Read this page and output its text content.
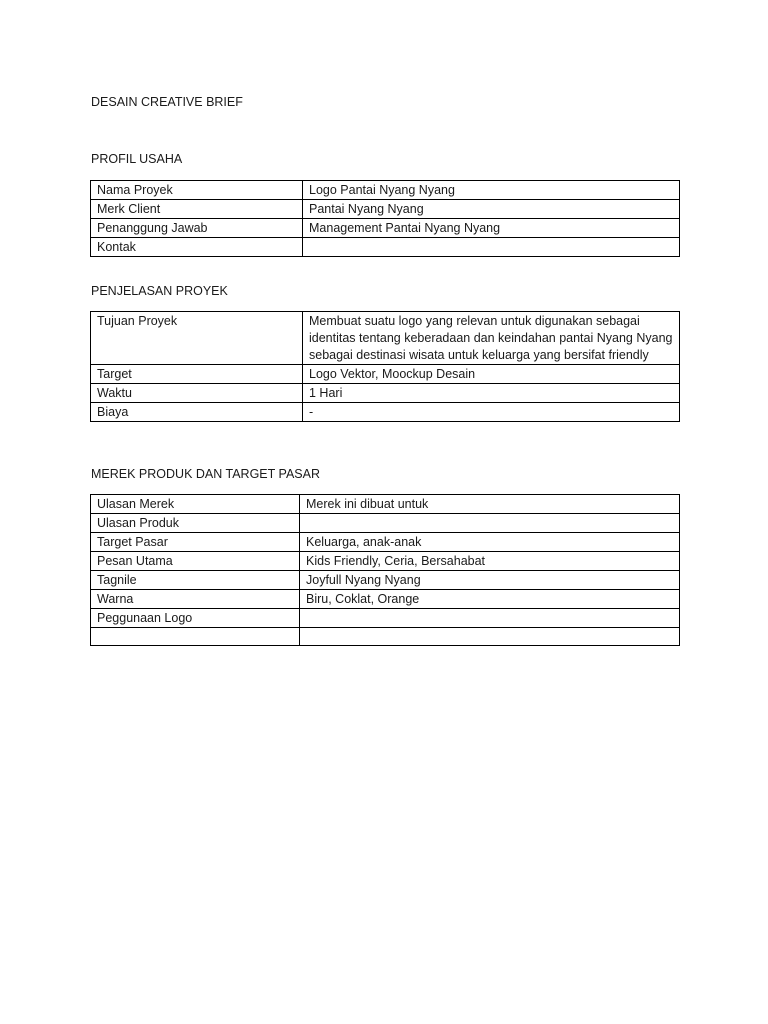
DESAIN CREATIVE BRIEF
PROFIL USAHA
Nama Proyek	Logo Pantai Nyang Nyang
Merk Client	Pantai Nyang Nyang
Penanggung Jawab	Management Pantai Nyang Nyang
Kontak	
PENJELASAN PROYEK
Tujuan Proyek	Membuat suatu logo yang relevan untuk digunakan sebagai identitas tentang keberadaan dan keindahan pantai Nyang Nyang sebagai destinasi wisata untuk keluarga yang bersifat friendly
Target	Logo Vektor, Moockup Desain
Waktu	1 Hari
Biaya	-
MEREK PRODUK DAN TARGET PASAR
Ulasan Merek	Merek ini dibuat untuk
Ulasan Produk	
Target Pasar	Keluarga, anak-anak
Pesan Utama	Kids Friendly, Ceria, Bersahabat
Tagnile	Joyfull Nyang Nyang
Warna	Biru, Coklat, Orange
Peggunaan Logo	
